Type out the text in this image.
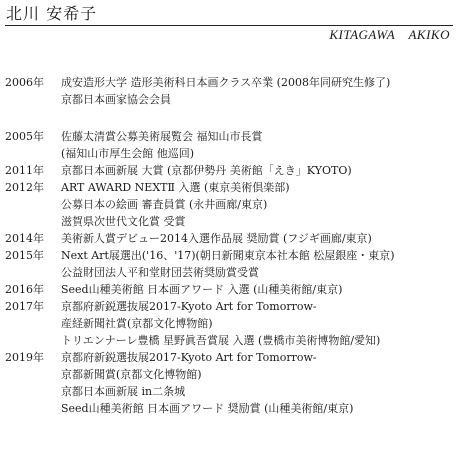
北川 安希子
KITAGAWA　AKIKO
2006年	成安造形大学 造形美術科日本画クラス卒業 (2008年同研究生修了)
京都日本画家協会会員
2005年	佐藤太清賞公募美術展覧会 福知山市長賞
(福知山市厚生会館 他巡回)
2011年	京都日本画新展 大賞 (京都伊勢丹 美術館「えき」KYOTO)
2012年	ART AWARD NEXTⅡ 入選 (東京美術倶楽部)
公募日本の絵画 審査員賞 (永井画廊/東京)
滋賀県次世代文化賞 受賞
2014年	美術新人賞デビュー2014入選作品展 奨励賞 (フジギ画廊/東京)
2015年	Next Art展選出('16、'17)(朝日新聞東京本社本館 松屋銀座・東京)
公益財団法人平和堂財団芸術奨励賞受賞
2016年	Seed山種美術館 日本画アワード 入選 (山種美術館/東京)
2017年	京都府新鋭選抜展2017-Kyoto Art for Tomorrow-
産経新聞社賞(京都文化博物館)
トリエンナーレ豊橋 星野眞吾賞展 入選 (豊橋市美術博物館/愛知)
2019年	京都府新鋭選抜展2017-Kyoto Art for Tomorrow-
京都新聞賞(京都文化博物館)
京都日本画新展 in二条城
Seed山種美術館 日本画アワード 奨励賞 (山種美術館/東京)
